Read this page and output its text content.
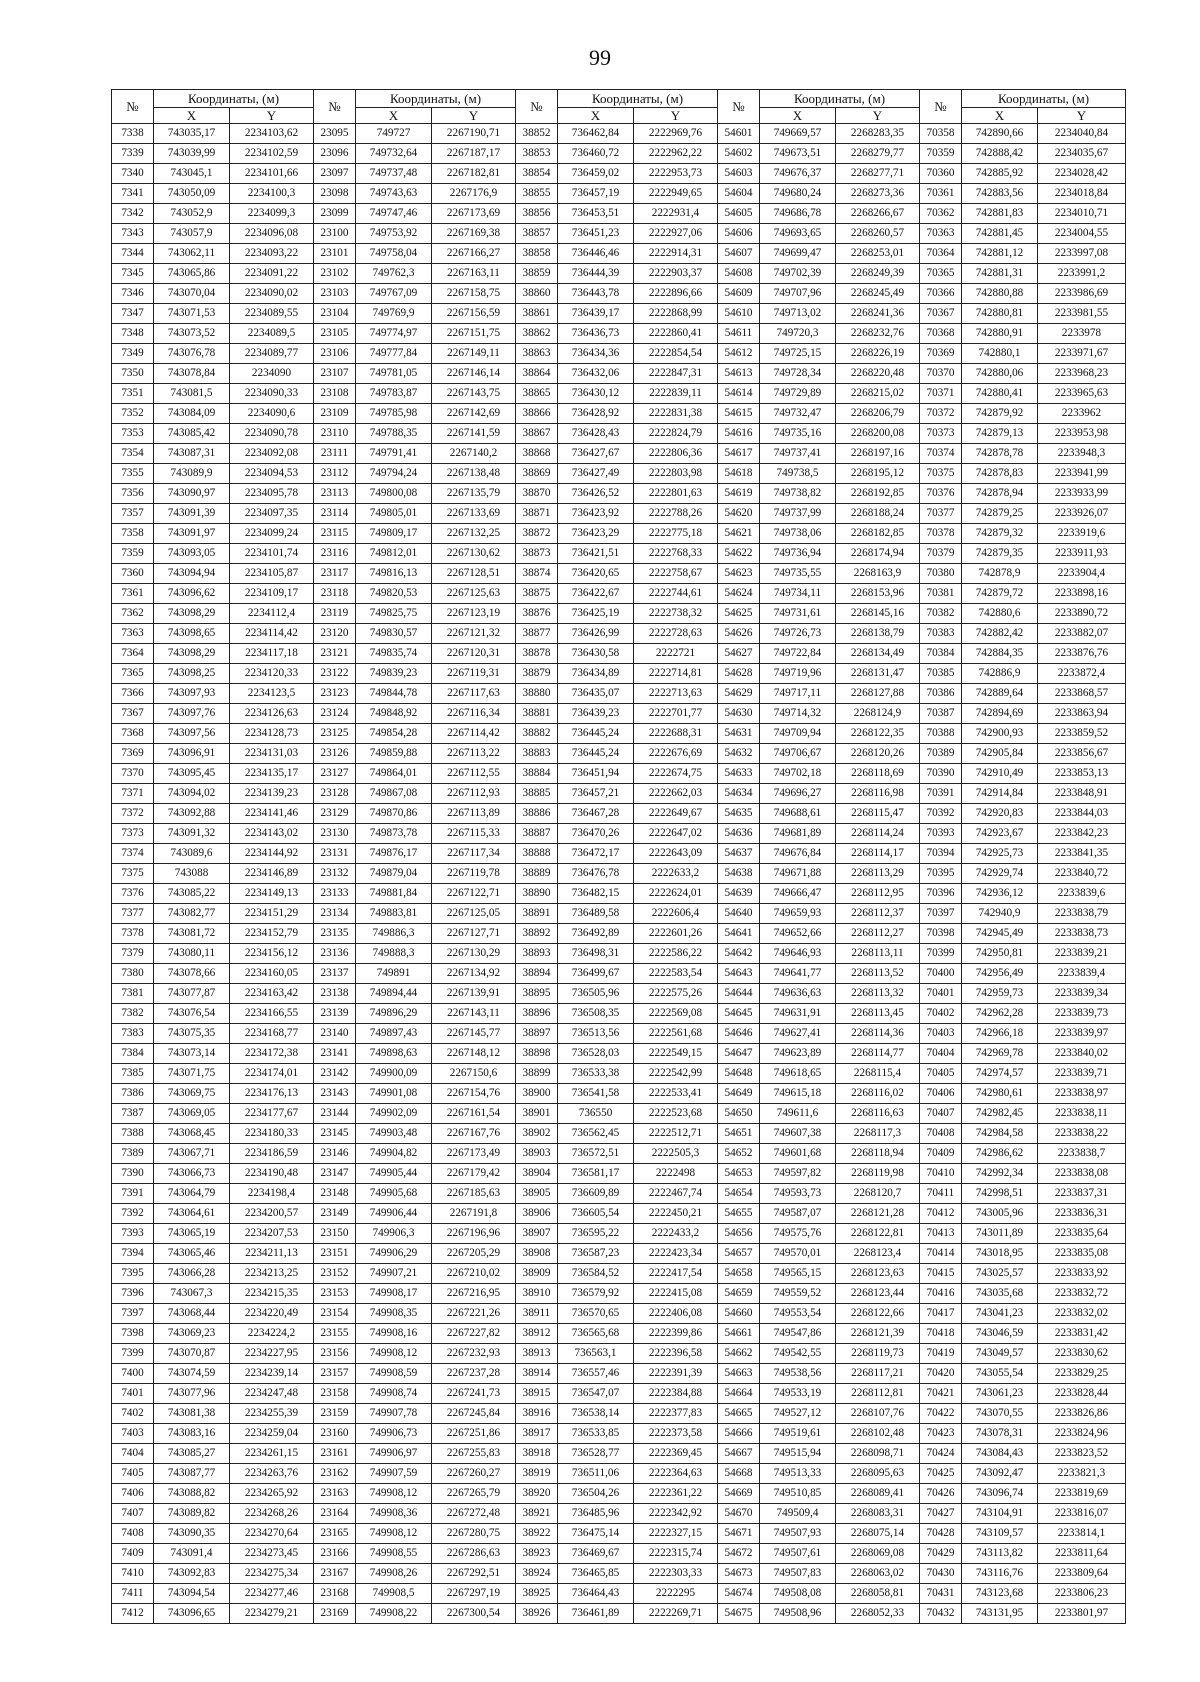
99
№	Координаты, (м)		№	Координаты, (м)		№	Координаты, (м)		№	Координаты, (м)		№	Координаты, (м)	
	X	Y		X	Y		X	Y		X	Y		X	Y
7338	743035,17	2234103,62	23095	749727	2267190,71	38852	736462,84	2222969,76	54601	749669,57	2268283,35	70358	742890,66	2234040,84
7339	743039,99	2234102,59	23096	749732,64	2267187,17	38853	736460,72	2222962,22	54602	749673,51	2268279,77	70359	742888,42	2234035,67
7340	743045,1	2234101,66	23097	749737,48	2267182,81	38854	736459,02	2222953,73	54603	749676,37	2268277,71	70360	742885,92	2234028,42
7341	743050,09	2234100,3	23098	749743,63	2267176,9	38855	736457,19	2222949,65	54604	749680,24	2268273,36	70361	742883,56	2234018,84
7342	743052,9	2234099,3	23099	749747,46	2267173,69	38856	736453,51	2222931,4	54605	749686,78	2268266,67	70362	742881,83	2234010,71
7343	743057,9	2234096,08	23100	749753,92	2267169,38	38857	736451,23	2222927,06	54606	749693,65	2268260,57	70363	742881,45	2234004,55
7344	743062,11	2234093,22	23101	749758,04	2267166,27	38858	736446,46	2222914,31	54607	749699,47	2268253,01	70364	742881,12	2233997,08
7345	743065,86	2234091,22	23102	749762,3	2267163,11	38859	736444,39	2222903,37	54608	749702,39	2268249,39	70365	742881,31	2233991,2
7346	743070,04	2234090,02	23103	749767,09	2267158,75	38860	736443,78	2222896,66	54609	749707,96	2268245,49	70366	742880,88	2233986,69
7347	743071,53	2234089,55	23104	749769,9	2267156,59	38861	736439,17	2222868,99	54610	749713,02	2268241,36	70367	742880,81	2233981,55
7348	743073,52	2234089,5	23105	749774,97	2267151,75	38862	736436,73	2222860,41	54611	749720,3	2268232,76	70368	742880,91	2233978
7349	743076,78	2234089,77	23106	749777,84	2267149,11	38863	736434,36	2222854,54	54612	749725,15	2268226,19	70369	742880,1	2233971,67
7350	743078,84	2234090	23107	749781,05	2267146,14	38864	736432,06	2222847,31	54613	749728,34	2268220,48	70370	742880,06	2233968,23
7351	743081,5	2234090,33	23108	749783,87	2267143,75	38865	736430,12	2222839,11	54614	749729,89	2268215,02	70371	742880,41	2233965,63
7352	743084,09	2234090,6	23109	749785,98	2267142,69	38866	736428,92	2222831,38	54615	749732,47	2268206,79	70372	742879,92	2233962
7353	743085,42	2234090,78	23110	749788,35	2267141,59	38867	736428,43	2222824,79	54616	749735,16	2268200,08	70373	742879,13	2233953,98
7354	743087,31	2234092,08	23111	749791,41	2267140,2	38868	736427,67	2222806,36	54617	749737,41	2268197,16	70374	742878,78	2233948,3
7355	743089,9	2234094,53	23112	749794,24	2267138,48	38869	736427,49	2222803,98	54618	749738,5	2268195,12	70375	742878,83	2233941,99
7356	743090,97	2234095,78	23113	749800,08	2267135,79	38870	736426,52	2222801,63	54619	749738,82	2268192,85	70376	742878,94	2233933,99
7357	743091,39	2234097,35	23114	749805,01	2267133,69	38871	736423,92	2222788,26	54620	749737,99	2268188,24	70377	742879,25	2233926,07
7358	743091,97	2234099,24	23115	749809,17	2267132,25	38872	736423,29	2222775,18	54621	749738,06	2268182,85	70378	742879,32	2233919,6
7359	743093,05	2234101,74	23116	749812,01	2267130,62	38873	736421,51	2222768,33	54622	749736,94	2268174,94	70379	742879,35	2233911,93
7360	743094,94	2234105,87	23117	749816,13	2267128,51	38874	736420,65	2222758,67	54623	749735,55	2268163,9	70380	742878,9	2233904,4
7361	743096,62	2234109,17	23118	749820,53	2267125,63	38875	736422,67	2222744,61	54624	749734,11	2268153,96	70381	742879,72	2233898,16
7362	743098,29	2234112,4	23119	749825,75	2267123,19	38876	736425,19	2222738,32	54625	749731,61	2268145,16	70382	742880,6	2233890,72
7363	743098,65	2234114,42	23120	749830,57	2267121,32	38877	736426,99	2222728,63	54626	749726,73	2268138,79	70383	742882,42	2233882,07
7364	743098,29	2234117,18	23121	749835,74	2267120,31	38878	736430,58	2222721	54627	749722,84	2268134,49	70384	742884,35	2233876,76
7365	743098,25	2234120,33	23122	749839,23	2267119,31	38879	736434,89	2222714,81	54628	749719,96	2268131,47	70385	742886,9	2233872,4
7366	743097,93	2234123,5	23123	749844,78	2267117,63	38880	736435,07	2222713,63	54629	749717,11	2268127,88	70386	742889,64	2233868,57
7367	743097,76	2234126,63	23124	749848,92	2267116,34	38881	736439,23	2222701,77	54630	749714,32	2268124,9	70387	742894,69	2233863,94
7368	743097,56	2234128,73	23125	749854,28	2267114,42	38882	736445,24	2222688,31	54631	749709,94	2268122,35	70388	742900,93	2233859,52
7369	743096,91	2234131,03	23126	749859,88	2267113,22	38883	736445,24	2222676,69	54632	749706,67	2268120,26	70389	742905,84	2233856,67
7370	743095,45	2234135,17	23127	749864,01	2267112,55	38884	736451,94	2222674,75	54633	749702,18	2268118,69	70390	742910,49	2233853,13
7371	743094,02	2234139,23	23128	749867,08	2267112,93	38885	736457,21	2222662,03	54634	749696,27	2268116,98	70391	742914,84	2233848,91
7372	743092,88	2234141,46	23129	749870,86	2267113,89	38886	736467,28	2222649,67	54635	749688,61	2268115,47	70392	742920,83	2233844,03
7373	743091,32	2234143,02	23130	749873,78	2267115,33	38887	736470,26	2222647,02	54636	749681,89	2268114,24	70393	742923,67	2233842,23
7374	743089,6	2234144,92	23131	749876,17	2267117,34	38888	736472,17	2222643,09	54637	749676,84	2268114,17	70394	742925,73	2233841,35
7375	743088	2234146,89	23132	749879,04	2267119,78	38889	736476,78	2222633,2	54638	749671,88	2268113,29	70395	742929,74	2233840,72
7376	743085,22	2234149,13	23133	749881,84	2267122,71	38890	736482,15	2222624,01	54639	749666,47	2268112,95	70396	742936,12	2233839,6
7377	743082,77	2234151,29	23134	749883,81	2267125,05	38891	736489,58	2222606,4	54640	749659,93	2268112,37	70397	742940,9	2233838,79
7378	743081,72	2234152,79	23135	749886,3	2267127,71	38892	736492,89	2222601,26	54641	749652,66	2268112,27	70398	742945,49	2233838,73
7379	743080,11	2234156,12	23136	749888,3	2267130,29	38893	736498,31	2222586,22	54642	749646,93	2268113,11	70399	742950,81	2233839,21
7380	743078,66	2234160,05	23137	749891	2267134,92	38894	736499,67	2222583,54	54643	749641,77	2268113,52	70400	742956,49	2233839,4
7381	743077,87	2234163,42	23138	749894,44	2267139,91	38895	736505,96	2222575,26	54644	749636,63	2268113,32	70401	742959,73	2233839,34
7382	743076,54	2234166,55	23139	749896,29	2267143,11	38896	736508,35	2222569,08	54645	749631,91	2268113,45	70402	742962,28	2233839,73
7383	743075,35	2234168,77	23140	749897,43	2267145,77	38897	736513,56	2222561,68	54646	749627,41	2268114,36	70403	742966,18	2233839,97
7384	743073,14	2234172,38	23141	749898,63	2267148,12	38898	736528,03	2222549,15	54647	749623,89	2268114,77	70404	742969,78	2233840,02
7385	743071,75	2234174,01	23142	749900,09	2267150,6	38899	736533,38	2222542,99	54648	749618,65	2268115,4	70405	742974,57	2233839,71
7386	743069,75	2234176,13	23143	749901,08	2267154,76	38900	736541,58	2222533,41	54649	749615,18	2268116,02	70406	742980,61	2233838,97
7387	743069,05	2234177,67	23144	749902,09	2267161,54	38901	736550	2222523,68	54650	749611,6	2268116,63	70407	742982,45	2233838,11
7388	743068,45	2234180,33	23145	749903,48	2267167,76	38902	736562,45	2222512,71	54651	749607,38	2268117,3	70408	742984,58	2233838,22
7389	743067,71	2234186,59	23146	749904,82	2267173,49	38903	736572,51	2222505,3	54652	749601,68	2268118,94	70409	742986,62	2233838,7
7390	743066,73	2234190,48	23147	749905,44	2267179,42	38904	736581,17	2222498	54653	749597,82	2268119,98	70410	742992,34	2233838,08
7391	743064,79	2234198,4	23148	749905,68	2267185,63	38905	736609,89	2222467,74	54654	749593,73	2268120,7	70411	742998,51	2233837,31
7392	743064,61	2234200,57	23149	749906,44	2267191,8	38906	736605,54	2222450,21	54655	749587,07	2268121,28	70412	743005,96	2233836,31
7393	743065,19	2234207,53	23150	749906,3	2267196,96	38907	736595,22	2222433,2	54656	749575,76	2268122,81	70413	743011,89	2233835,64
7394	743065,46	2234211,13	23151	749906,29	2267205,29	38908	736587,23	2222423,34	54657	749570,01	2268123,4	70414	743018,95	2233835,08
7395	743066,28	2234213,25	23152	749907,21	2267210,02	38909	736584,52	2222417,54	54658	749565,15	2268123,63	70415	743025,57	2233833,92
7396	743067,3	2234215,35	23153	749908,17	2267216,95	38910	736579,92	2222415,08	54659	749559,52	2268123,44	70416	743035,68	2233832,72
7397	743068,44	2234220,49	23154	749908,35	2267221,26	38911	736570,65	2222406,08	54660	749553,54	2268122,66	70417	743041,23	2233832,02
7398	743069,23	2234224,2	23155	749908,16	2267227,82	38912	736565,68	2222399,86	54661	749547,86	2268121,39	70418	743046,59	2233831,42
7399	743070,87	2234227,95	23156	749908,12	2267232,93	38913	736563,1	2222396,58	54662	749542,55	2268119,73	70419	743049,57	2233830,62
7400	743074,59	2234239,14	23157	749908,59	2267237,28	38914	736557,46	2222391,39	54663	749538,56	2268117,21	70420	743055,54	2233829,25
7401	743077,96	2234247,48	23158	749908,74	2267241,73	38915	736547,07	2222384,88	54664	749533,19	2268112,81	70421	743061,23	2233828,44
7402	743081,38	2234255,39	23159	749907,78	2267245,84	38916	736538,14	2222377,83	54665	749527,12	2268107,76	70422	743070,55	2233826,86
7403	743083,16	2234259,04	23160	749906,73	2267251,86	38917	736533,85	2222373,58	54666	749519,61	2268102,48	70423	743078,31	2233824,96
7404	743085,27	2234261,15	23161	749906,97	2267255,83	38918	736528,77	2222369,45	54667	749515,94	2268098,71	70424	743084,43	2233823,52
7405	743087,77	2234263,76	23162	749907,59	2267260,27	38919	736511,06	2222364,63	54668	749513,33	2268095,63	70425	743092,47	2233821,3
7406	743088,82	2234265,92	23163	749908,12	2267265,79	38920	736504,26	2222361,22	54669	749510,85	2268089,41	70426	743096,74	2233819,69
7407	743089,82	2234268,26	23164	749908,36	2267272,48	38921	736485,96	2222342,92	54670	749509,4	2268083,31	70427	743104,91	2233816,07
7408	743090,35	2234270,64	23165	749908,12	2267280,75	38922	736475,14	2222327,15	54671	749507,93	2268075,14	70428	743109,57	2233814,1
7409	743091,4	2234273,45	23166	749908,55	2267286,63	38923	736469,67	2222315,74	54672	749507,61	2268069,08	70429	743113,82	2233811,64
7410	743092,83	2234275,34	23167	749908,26	2267292,51	38924	736465,85	2222303,33	54673	749507,83	2268063,02	70430	743116,76	2233809,64
7411	743094,54	2234277,46	23168	749908,5	2267297,19	38925	736464,43	2222295	54674	749508,08	2268058,81	70431	743123,68	2233806,23
7412	743096,65	2234279,21	23169	749908,22	2267300,54	38926	736461,89	2222269,71	54675	749508,96	2268052,33	70432	743131,95	2233801,97
